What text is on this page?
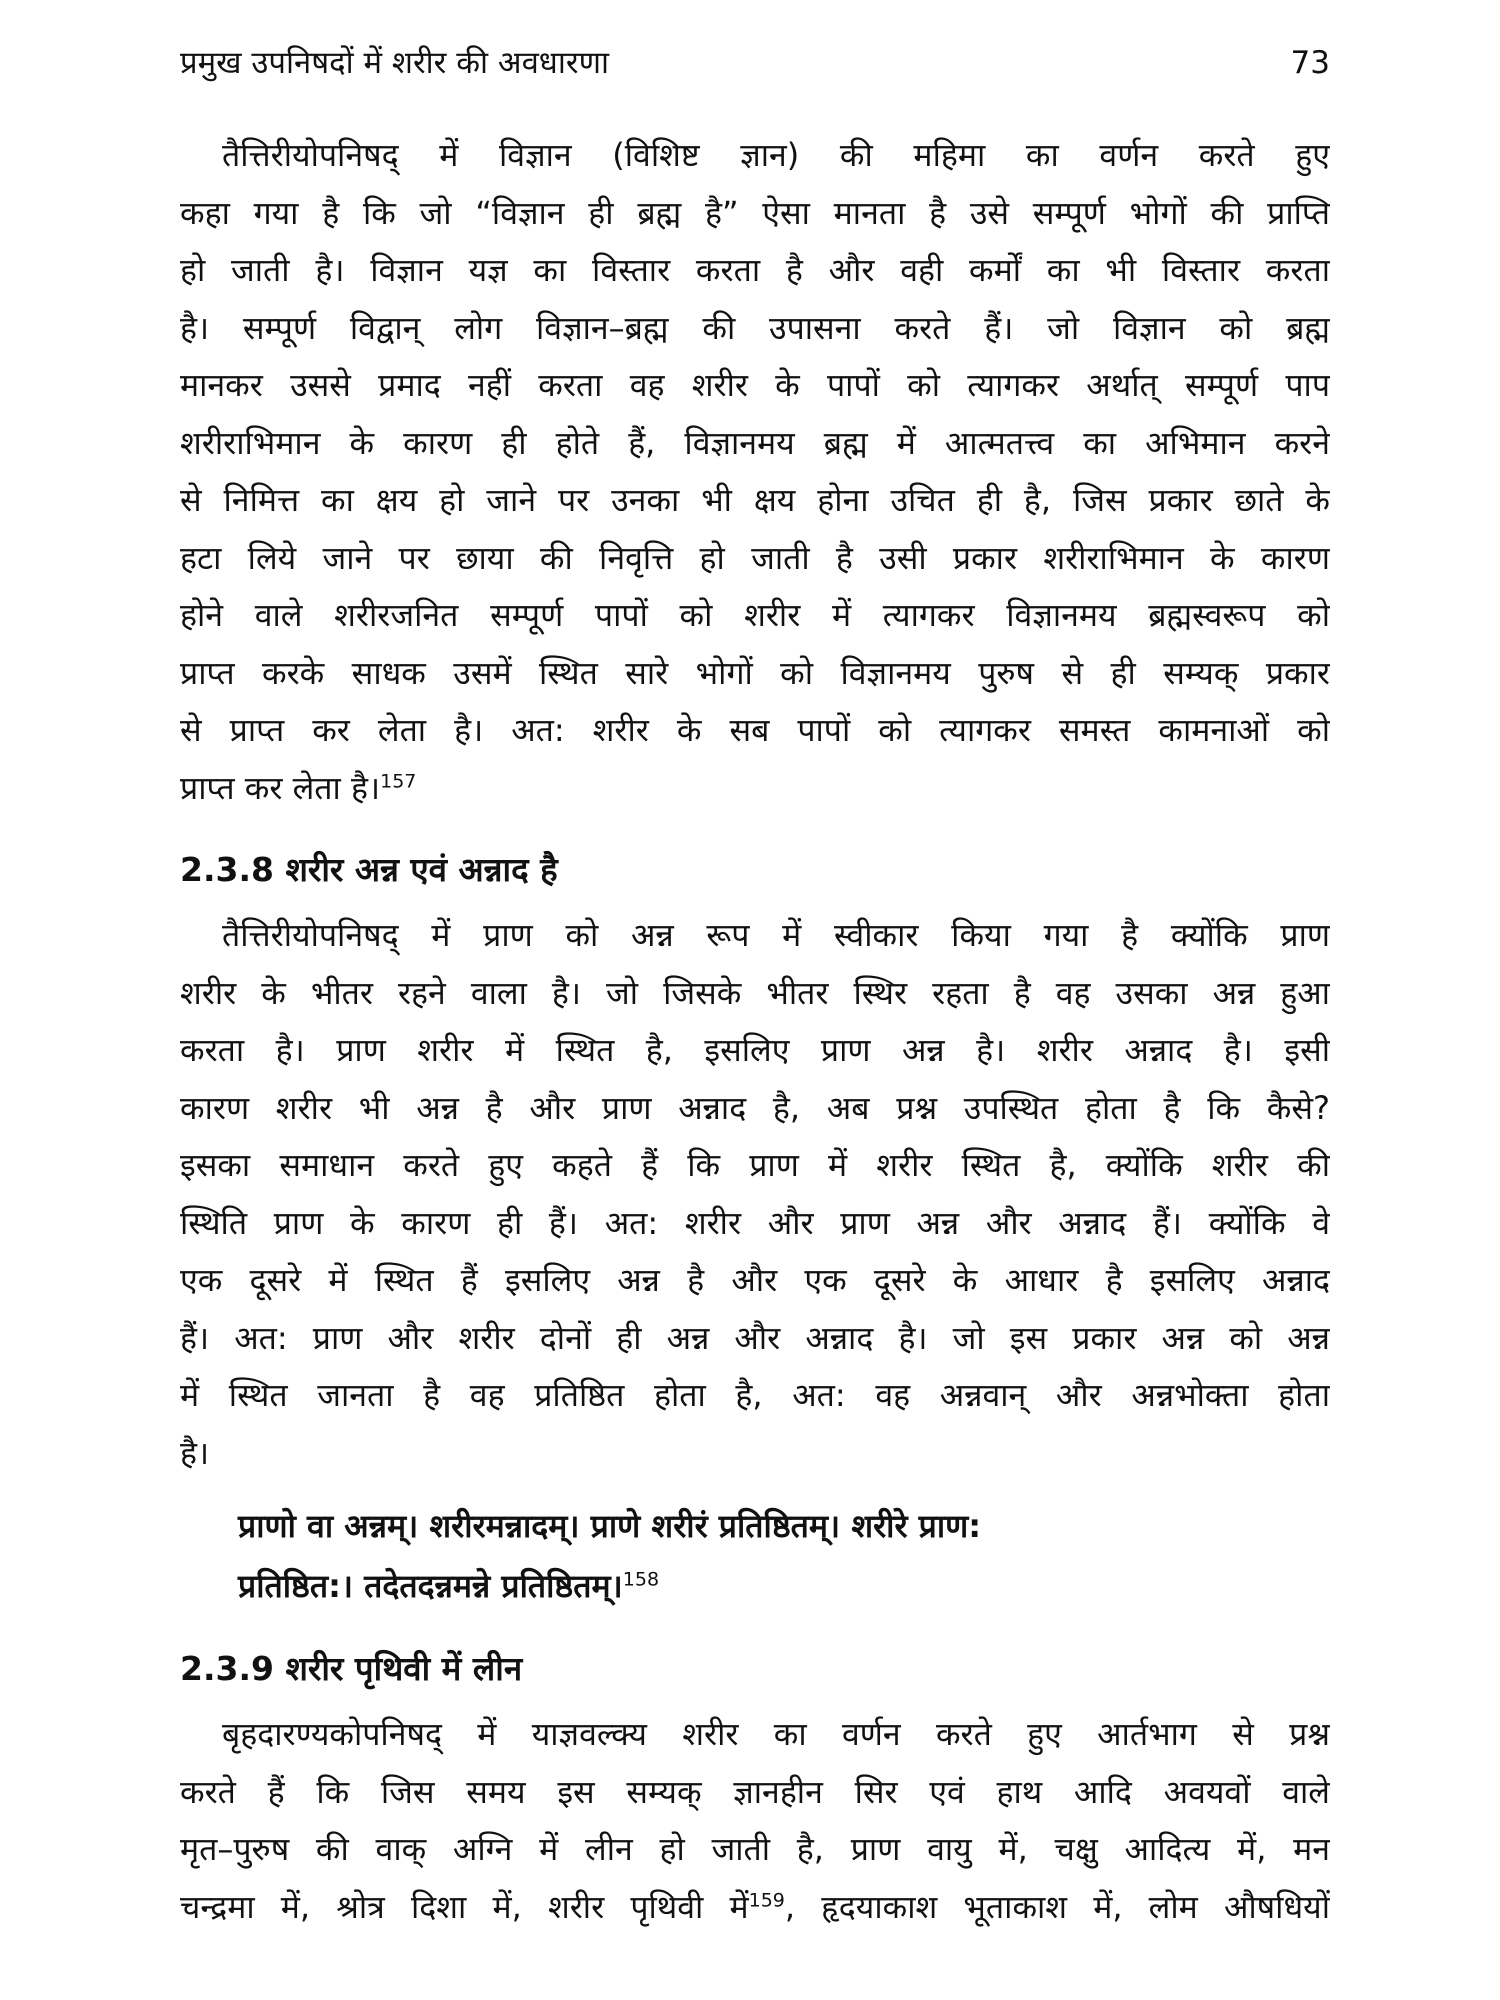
प्रमुख उपनिषदों में शरीर की अवधारणा	73

तैत्तिरीयोपनिषद् में विज्ञान (विशिष्ट ज्ञान) की महिमा का वर्णन करते हुए
कहा गया है कि जो “विज्ञान ही ब्रह्म है” ऐसा मानता है उसे सम्पूर्ण भोगों की प्राप्ति
हो जाती है। विज्ञान यज्ञ का विस्तार करता है और वही कर्मों का भी विस्तार करता
है। सम्पूर्ण विद्वान् लोग विज्ञान–ब्रह्म की उपासना करते हैं। जो विज्ञान को ब्रह्म
मानकर उससे प्रमाद नहीं करता वह शरीर के पापों को त्यागकर अर्थात् सम्पूर्ण पाप
शरीराभिमान के कारण ही होते हैं, विज्ञानमय ब्रह्म में आत्मतत्त्व का अभिमान करने
से निमित्त का क्षय हो जाने पर उनका भी क्षय होना उचित ही है, जिस प्रकार छाते के
हटा लिये जाने पर छाया की निवृत्ति हो जाती है उसी प्रकार शरीराभिमान के कारण
होने वाले शरीरजनित सम्पूर्ण पापों को शरीर में त्यागकर विज्ञानमय ब्रह्मस्वरूप को
प्राप्त करके साधक उसमें स्थित सारे भोगों को विज्ञानमय पुरुष से ही सम्यक् प्रकार
से प्राप्त कर लेता है। अत: शरीर के सब पापों को त्यागकर समस्त कामनाओं को
प्राप्त कर लेता है।$^{157}$

2.3.8 शरीर अन्न एवं अन्नाद है

तैत्तिरीयोपनिषद् में प्राण को अन्न रूप में स्वीकार किया गया है क्योंकि प्राण
शरीर के भीतर रहने वाला है। जो जिसके भीतर स्थिर रहता है वह उसका अन्न हुआ
करता है। प्राण शरीर में स्थित है, इसलिए प्राण अन्न है। शरीर अन्नाद है। इसी
कारण शरीर भी अन्न है और प्राण अन्नाद है, अब प्रश्न उपस्थित होता है कि कैसे?
इसका समाधान करते हुए कहते हैं कि प्राण में शरीर स्थित है, क्योंकि शरीर की
स्थिति प्राण के कारण ही हैं। अत: शरीर और प्राण अन्न और अन्नाद हैं। क्योंकि वे
एक दूसरे में स्थित हैं इसलिए अन्न है और एक दूसरे के आधार है इसलिए अन्नाद
हैं। अत: प्राण और शरीर दोनों ही अन्न और अन्नाद है। जो इस प्रकार अन्न को अन्न
में स्थित जानता है वह प्रतिष्ठित होता है, अत: वह अन्नवान् और अन्नभोक्ता होता
है।

प्राणो वा अन्नम्। शरीरमन्नादम्। प्राणे शरीरं प्रतिष्ठितम्। शरीरे प्राण:
प्रतिष्ठित:। तदेतदन्नमन्ने प्रतिष्ठितम्।$^{158}$
2.3.9 शरीर पृथिवी में लीन

बृहदारण्यकोपनिषद् में याज्ञवल्क्य शरीर का वर्णन करते हुए आर्तभाग से प्रश्न
करते हैं कि जिस समय इस सम्यक् ज्ञानहीन सिर एवं हाथ आदि अवयवों वाले
मृत–पुरुष की वाक् अग्नि में लीन हो जाती है, प्राण वायु में, चक्षु आदित्य में, मन
चन्द्रमा में, श्रोत्र दिशा में, शरीर पृथिवी में$^{159}$, हृदयाकाश भूताकाश में, लोम औषधियों
